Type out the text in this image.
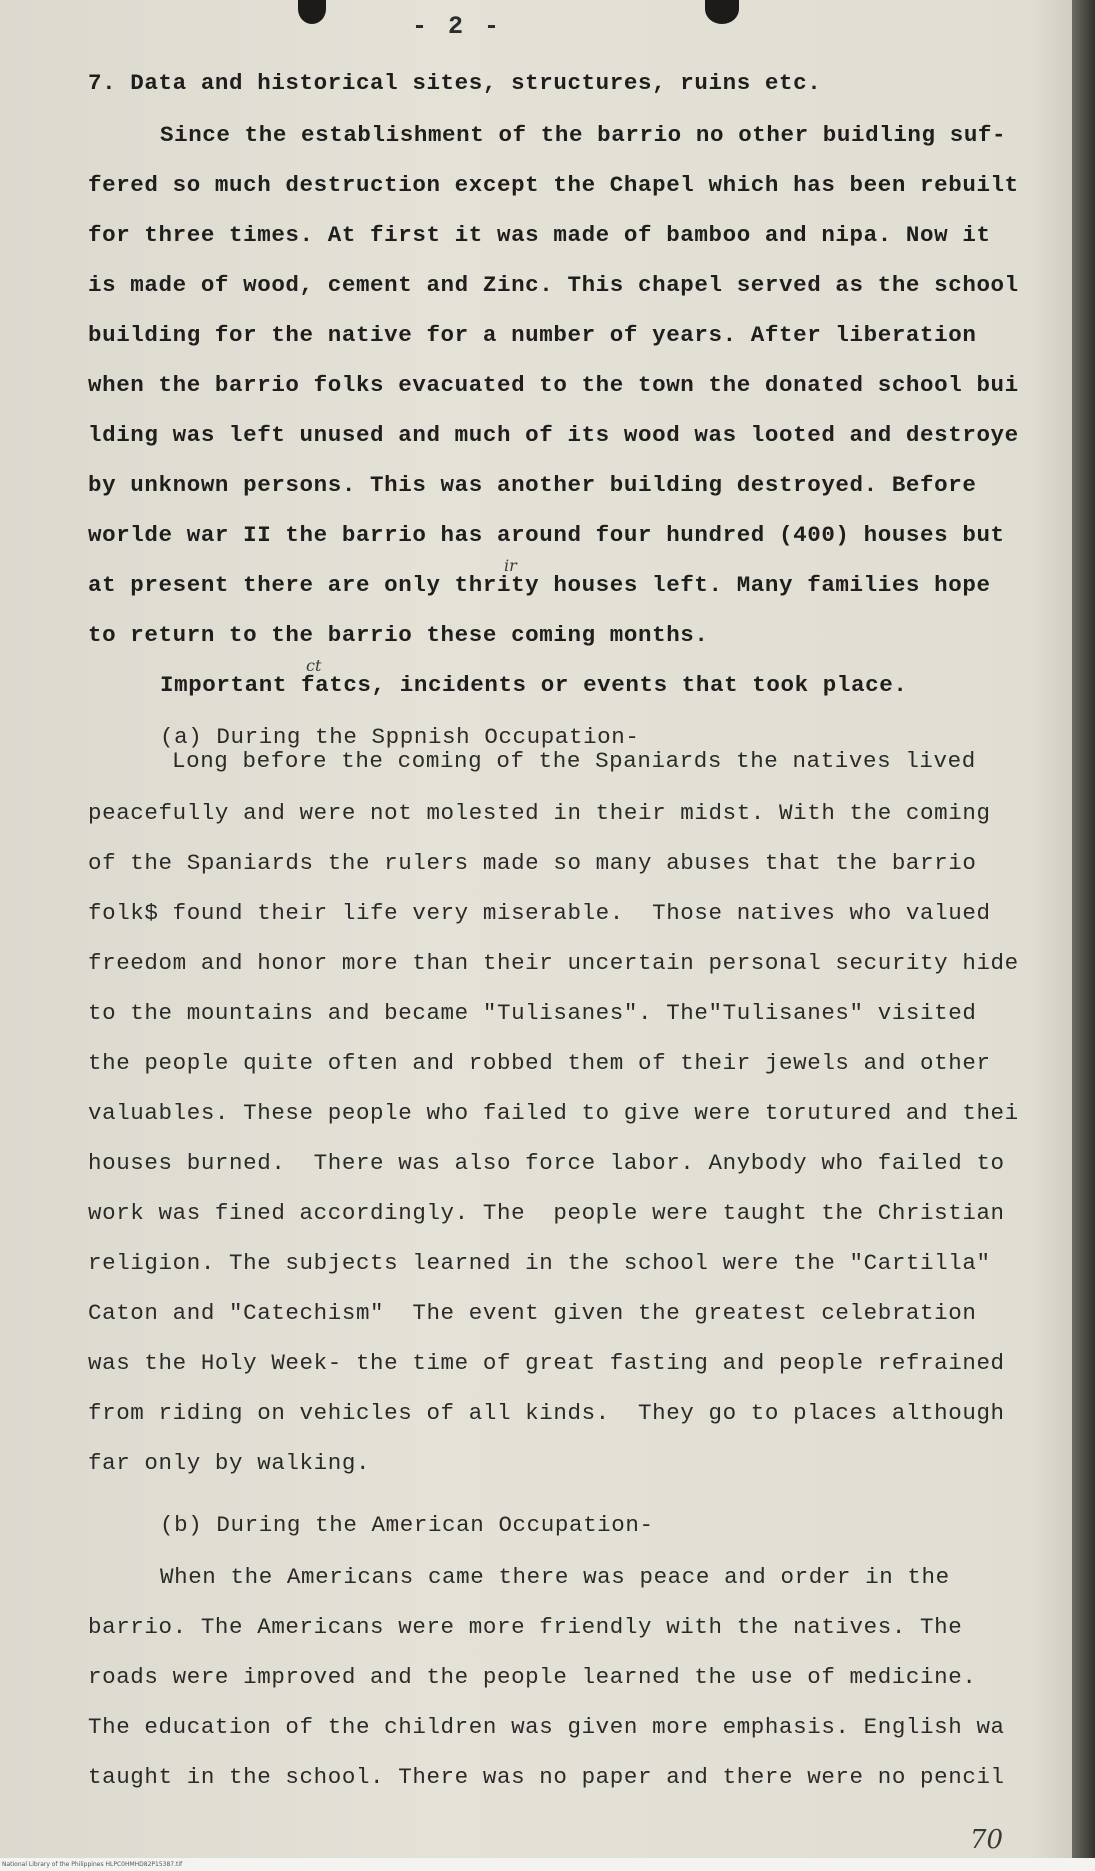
- 2 -
7. Data and historical sites, structures, ruins etc.
Since the establishment of the barrio no other buidling suf-
fered so much destruction except the Chapel which has been rebuilt
for three times. At first it was made of bamboo and nipa. Now it
is made of wood, cement and Zinc. This chapel served as the school
building for the native for a number of years. After liberation
when the barrio folks evacuated to the town the donated school bui
lding was left unused and much of its wood was looted and destroye
by unknown persons. This was another building destroyed. Before
worlde war II the barrio has around four hundred (400) houses but
ir
at present there are only thrity houses left. Many families hope
to return to the barrio these coming months.
ct
Important fatcs, incidents or events that took place.
(a) During the Sppnish Occupation-
Long before the coming of the Spaniards the natives lived
peacefully and were not molested in their midst. With the coming
of the Spaniards the rulers made so many abuses that the barrio
folk$ found their life very miserable.  Those natives who valued
freedom and honor more than their uncertain personal security hide
to the mountains and became "Tulisanes". The"Tulisanes" visited
the people quite often and robbed them of their jewels and other
valuables. These people who failed to give were torutured and thei
houses burned.  There was also force labor. Anybody who failed to
work was fined accordingly. The  people were taught the Christian
religion. The subjects learned in the school were the "Cartilla"
Caton and "Catechism"  The event given the greatest celebration
was the Holy Week- the time of great fasting and people refrained
from riding on vehicles of all kinds.  They go to places although
far only by walking.
(b) During the American Occupation-
When the Americans came there was peace and order in the
barrio. The Americans were more friendly with the natives. The
roads were improved and the people learned the use of medicine.
The education of the children was given more emphasis. English wa
taught in the school. There was no paper and there were no pencil
70
National Library of the Philippines HLPC0HMHD82P15387.tif
